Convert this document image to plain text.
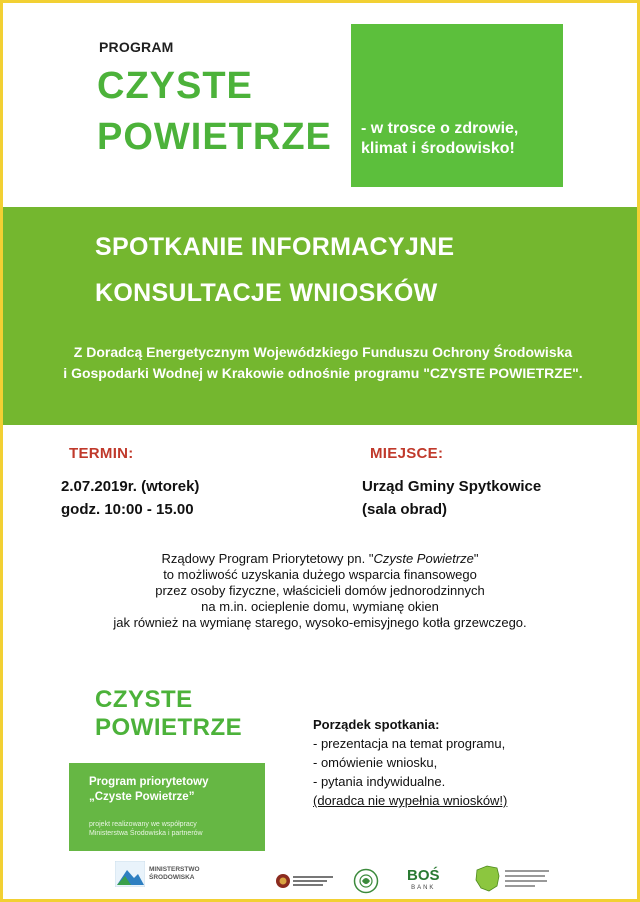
PROGRAM
CZYSTE
POWIETRZE - w trosce o zdrowie,
klimat i środowisko!
SPOTKANIE INFORMACYJNE
KONSULTACJE WNIOSKÓW
Z Doradcą Energetycznym Wojewódzkiego Funduszu Ochrony Środowiska
i Gospodarki Wodnej w Krakowie odnośnie programu "CZYSTE POWIETRZE".
TERMIN:	MIEJSCE:
2.07.2019r. (wtorek)
godz. 10:00 - 15.00
Urząd Gminy Spytkowice
(sala obrad)
Rządowy Program Priorytetowy pn. "Czyste Powietrze"
to możliwość uzyskania dużego wsparcia finansowego
przez osoby fizyczne, właścicieli domów jednorodzinnych
na m.in. ocieplenie domu, wymianę okien
jak również na wymianę starego, wysoko-emisyjnego kotła grzewczego.
CZYSTE
POWIETRZE
Program priorytetowy
„Czyste Powietrze”
projekt realizowany we współpracy
Ministerstwa Środowiska i partnerów
Porządek spotkania:
- prezentacja na temat programu,
- omówienie wniosku,
- pytania indywidualne.
(doradca nie wypełnia wniosków!)
MINISTERSTWO
ŚRODOWISKA	BOŚ
BANK
